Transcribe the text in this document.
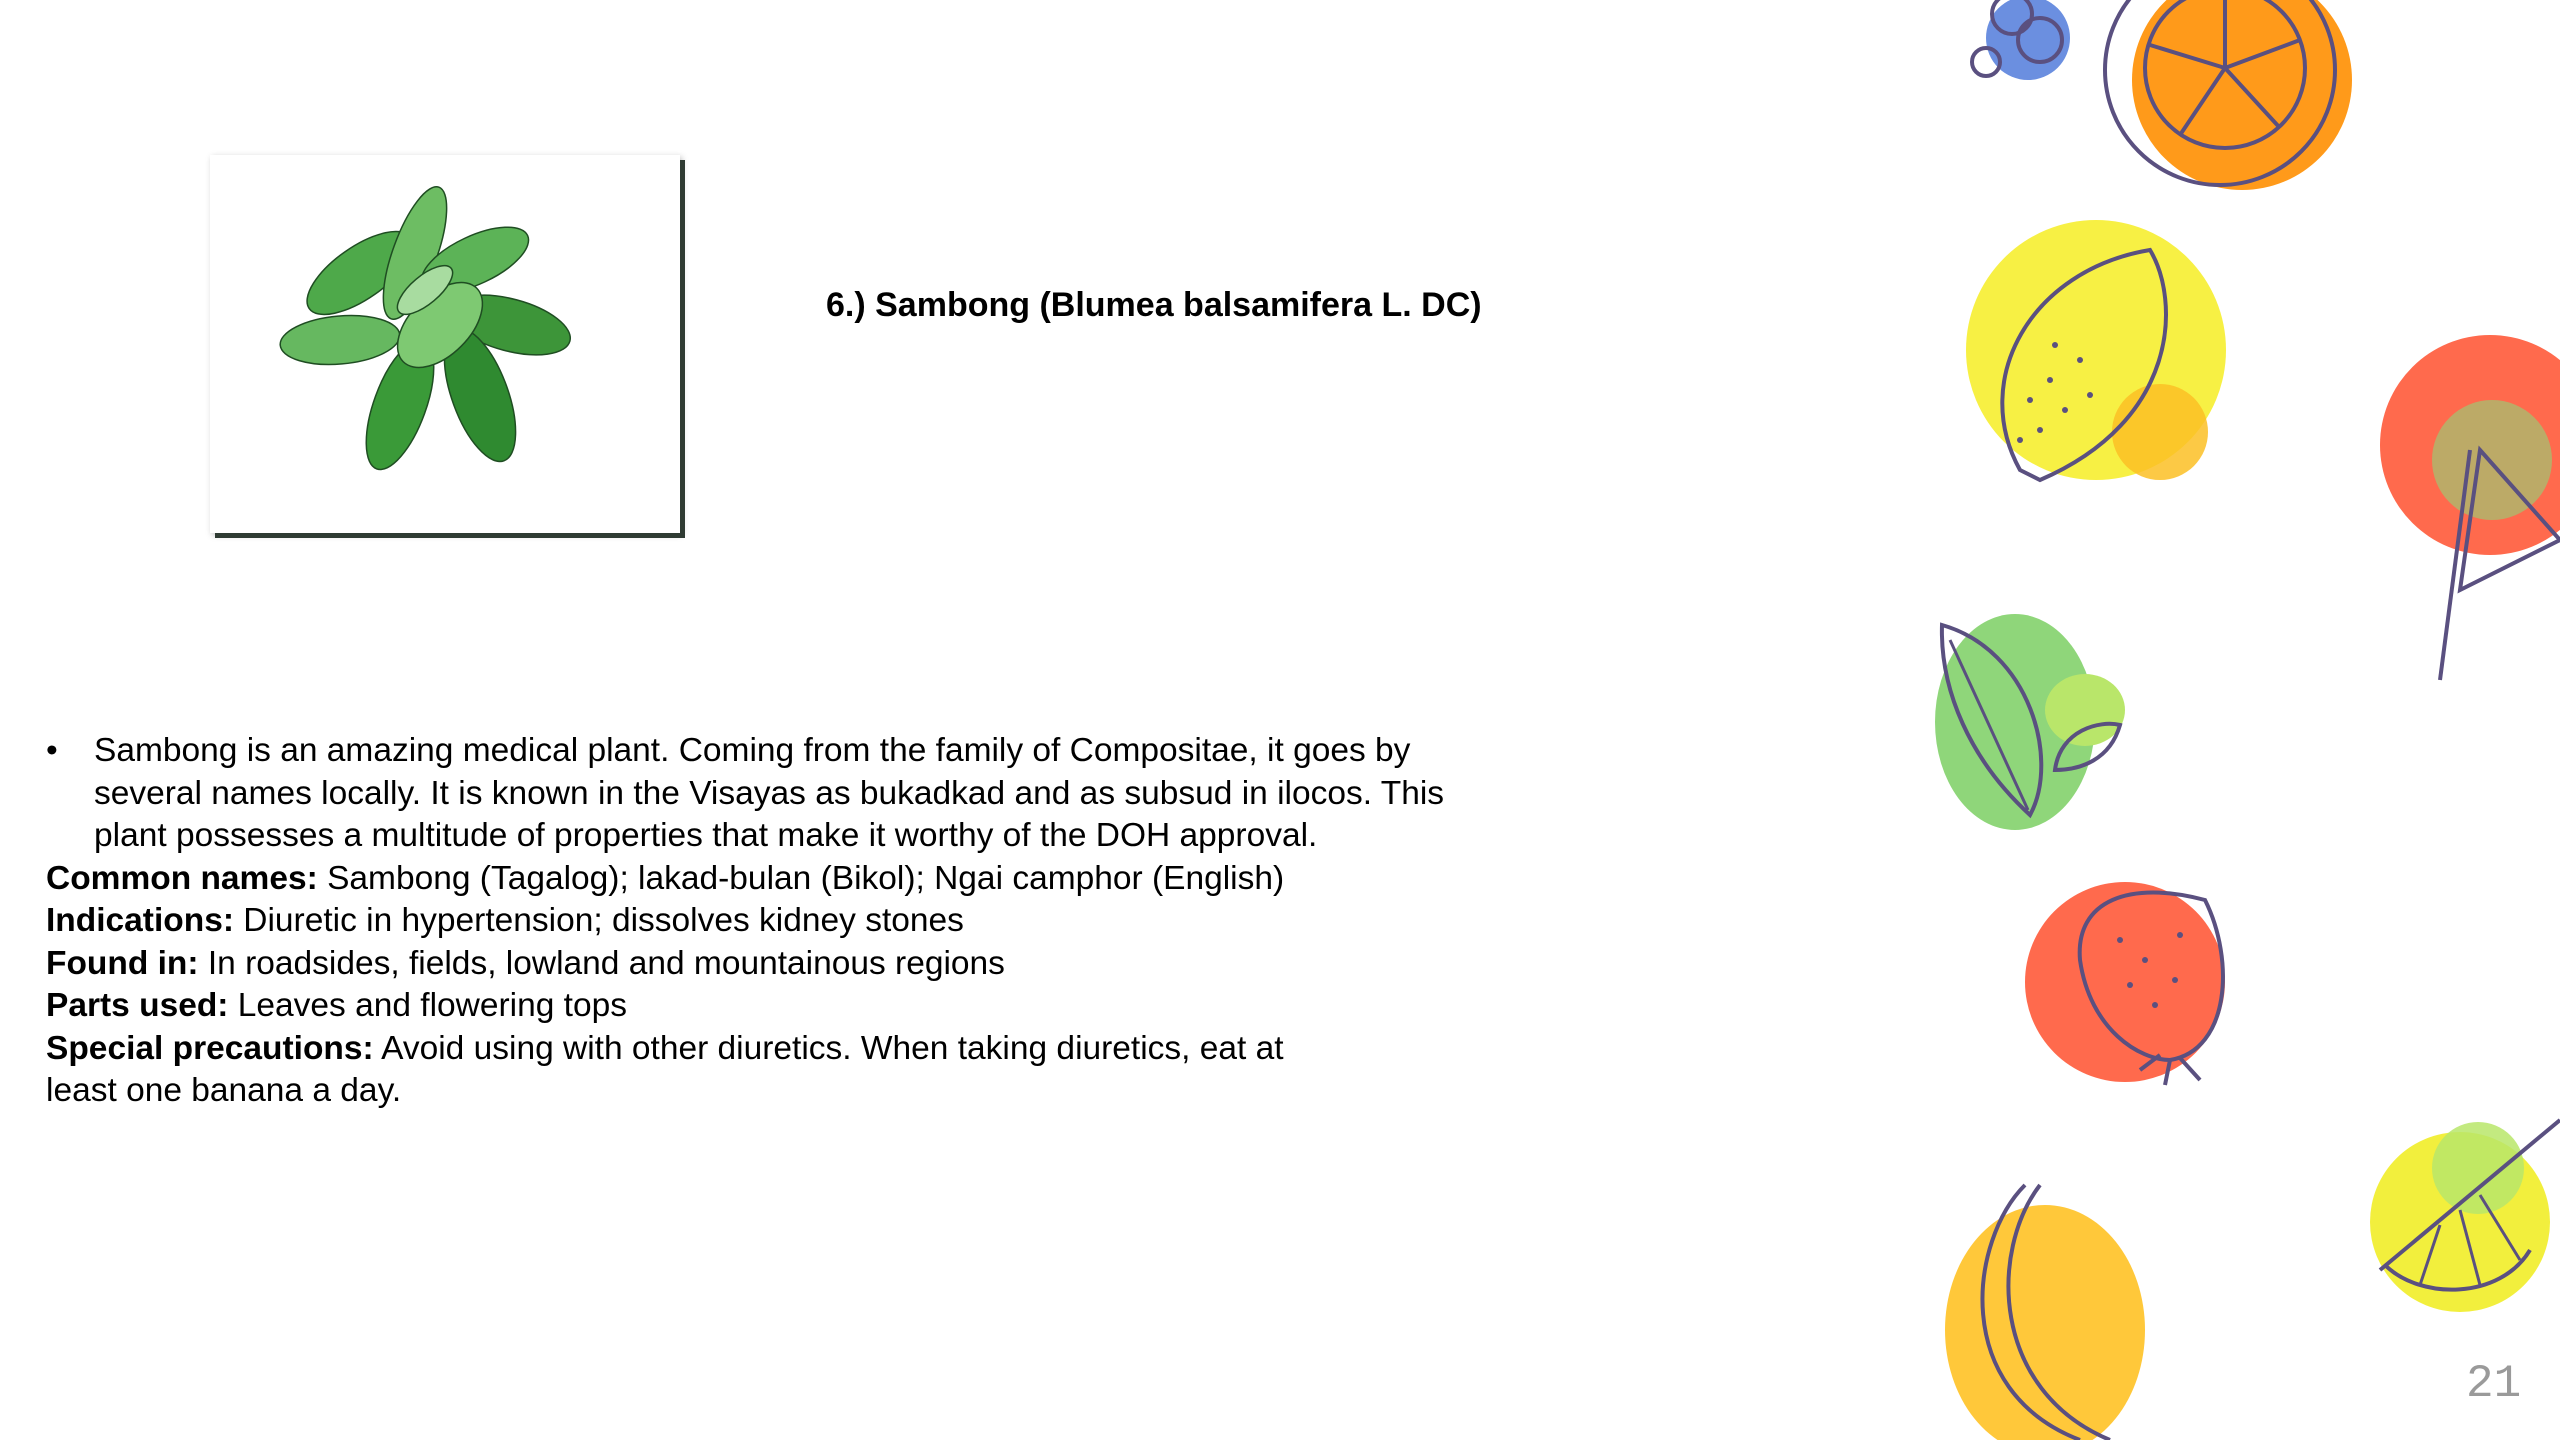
6.) Sambong (Blumea balsamifera L. DC)

• Sambong is an amazing medical plant. Coming from the family of Compositae, it goes by
several names locally. It is known in the Visayas as bukadkad and as subsud in ilocos. This
plant possesses a multitude of properties that make it worthy of the DOH approval.

Common names: Sambong (Tagalog); lakad-bulan (Bikol); Ngai camphor (English)

Indications: Diuretic in hypertension; dissolves kidney stones

Found in: In roadsides, fields, lowland and mountainous regions

Parts used: Leaves and flowering tops

Special precautions: Avoid using with other diuretics. When taking diuretics, eat at
least one banana a day.

21
